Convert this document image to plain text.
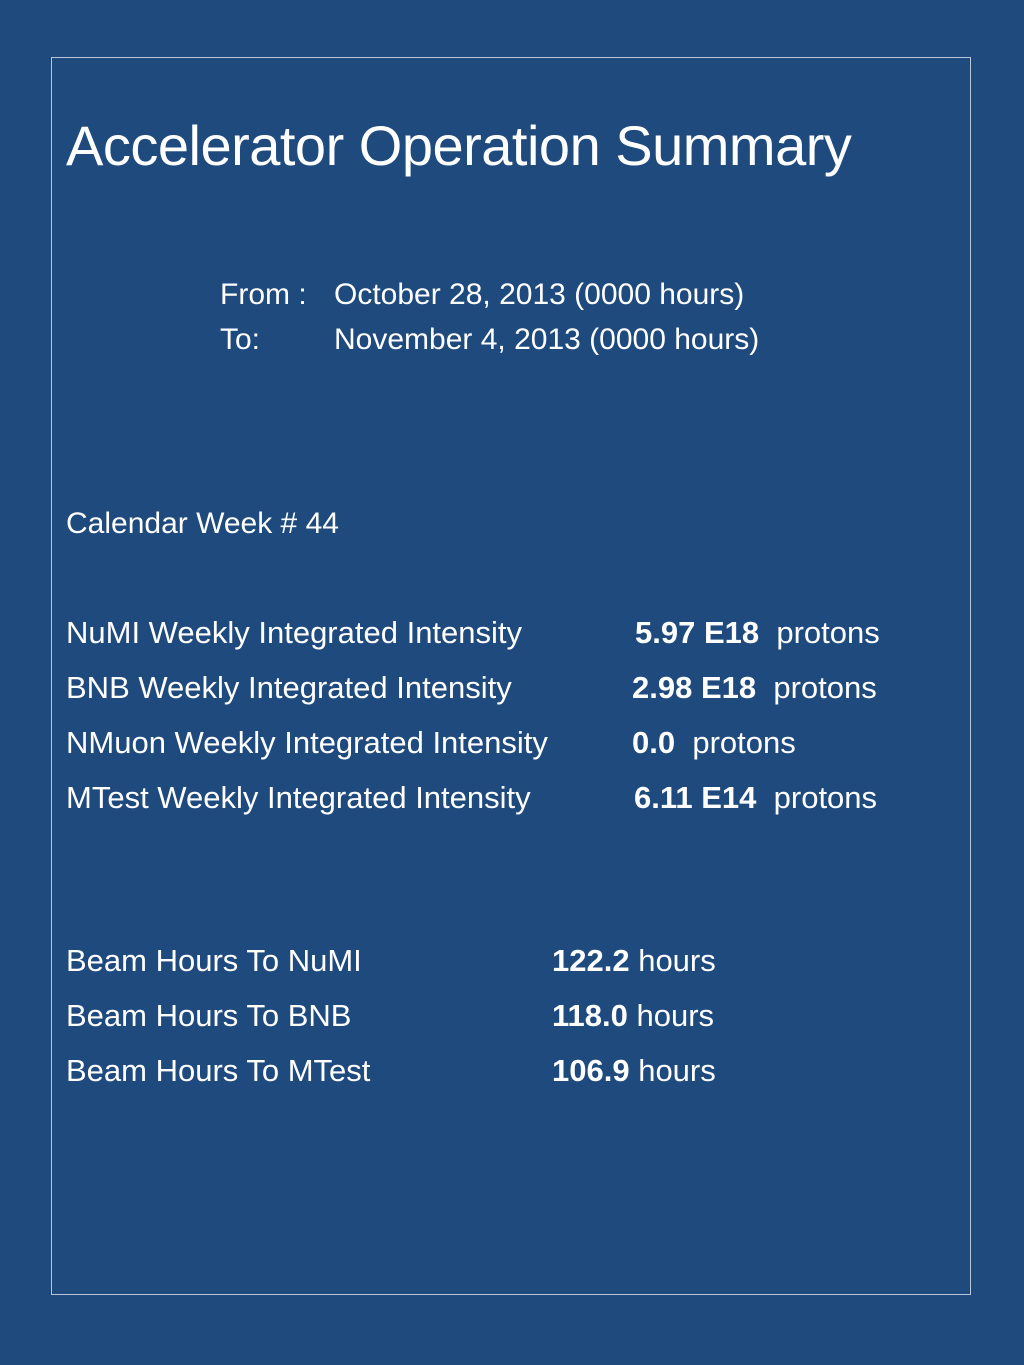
Accelerator Operation Summary
From : October 28, 2013 (0000 hours)
To: November 4, 2013 (0000 hours)
Calendar Week # 44
NuMI Weekly Integrated Intensity	5.97 E18 protons
BNB Weekly Integrated Intensity	2.98 E18 protons
NMuon Weekly Integrated Intensity	0.0 protons
MTest Weekly Integrated Intensity	6.11 E14 protons
Beam Hours To NuMI	122.2 hours
Beam Hours To BNB	118.0 hours
Beam Hours To MTest	106.9 hours
